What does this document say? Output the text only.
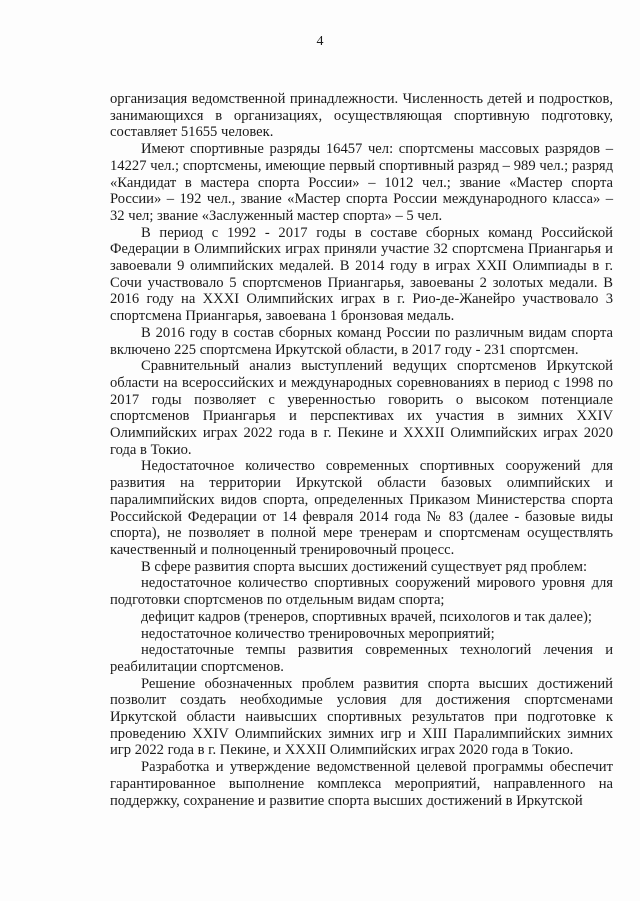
4

организация ведомственной принадлежности. Численность детей и подростков, занимающихся в организациях, осуществляющая спортивную подготовку, составляет 51655 человек.

Имеют спортивные разряды 16457 чел: спортсмены массовых разрядов – 14227 чел.; спортсмены, имеющие первый спортивный разряд – 989 чел.; разряд «Кандидат в мастера спорта России» – 1012 чел.; звание «Мастер спорта России» – 192 чел., звание «Мастер спорта России международного класса» – 32 чел; звание «Заслуженный мастер спорта» – 5 чел.

В период с 1992 - 2017 годы в составе сборных команд Российской Федерации в Олимпийских играх приняли участие 32 спортсмена Приангарья и завоевали 9 олимпийских медалей. В 2014 году в играх XXII Олимпиады в г. Сочи участвовало 5 спортсменов Приангарья, завоеваны 2 золотых медали. В 2016 году на XXXI Олимпийских играх в г. Рио-де-Жанейро участвовало 3 спортсмена Приангарья, завоевана 1 бронзовая медаль.

В 2016 году в состав сборных команд России по различным видам спорта включено 225 спортсмена Иркутской области, в 2017 году - 231 спортсмен.

Сравнительный анализ выступлений ведущих спортсменов Иркутской области на всероссийских и международных соревнованиях в период с 1998 по 2017 годы позволяет с уверенностью говорить о высоком потенциале спортсменов Приангарья и перспективах их участия в зимних XXIV Олимпийских играх 2022 года в г. Пекине и XXXII Олимпийских играх 2020 года в Токио.

Недостаточное количество современных спортивных сооружений для развития на территории Иркутской области базовых олимпийских и паралимпийских видов спорта, определенных Приказом Министерства спорта Российской Федерации от 14 февраля 2014 года № 83 (далее - базовые виды спорта), не позволяет в полной мере тренерам и спортсменам осуществлять качественный и полноценный тренировочный процесс.

В сфере развития спорта высших достижений существует ряд проблем:

недостаточное количество спортивных сооружений мирового уровня для подготовки спортсменов по отдельным видам спорта;

дефицит кадров (тренеров, спортивных врачей, психологов и так далее);

недостаточное количество тренировочных мероприятий;

недостаточные темпы развития современных технологий лечения и реабилитации спортсменов.

Решение обозначенных проблем развития спорта высших достижений позволит создать необходимые условия для достижения спортсменами Иркутской области наивысших спортивных результатов при подготовке к проведению XXIV Олимпийских зимних игр и XIII Паралимпийских зимних игр 2022 года в г. Пекине, и XXXII Олимпийских играх 2020 года в Токио.

Разработка и утверждение ведомственной целевой программы обеспечит гарантированное выполнение комплекса мероприятий, направленного на поддержку, сохранение и развитие спорта высших достижений в Иркутской
